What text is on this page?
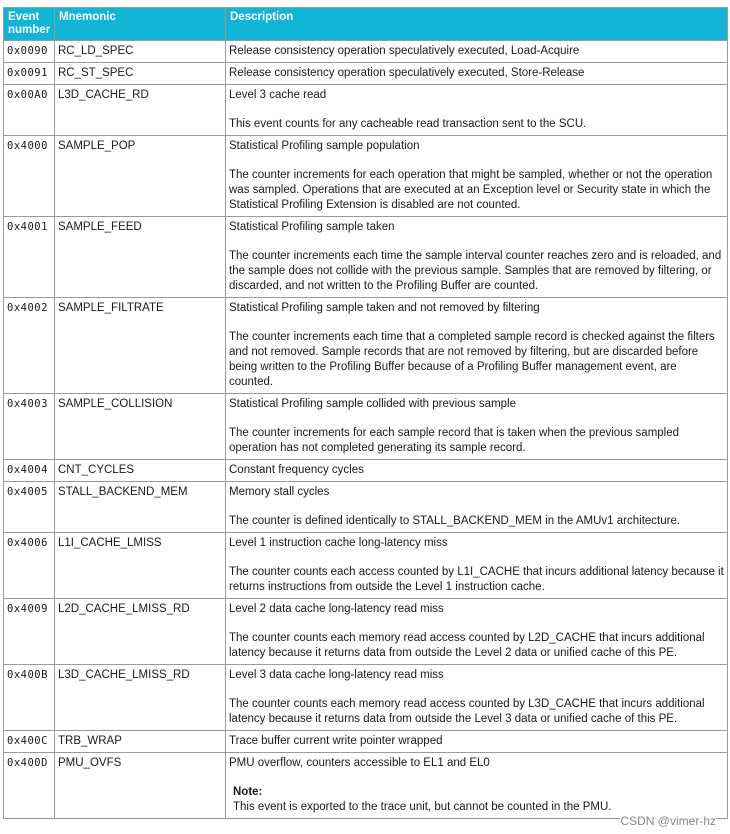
Event number	Mnemonic	Description
0x0090	RC_LD_SPEC	Release consistency operation speculatively executed, Load-Acquire

0x0091	RC_ST_SPEC	Release consistency operation speculatively executed, Store-Release

0x00A0	L3D_CACHE_RD	Level 3 cache read

This event counts for any cacheable read transaction sent to the SCU.

0x4000	SAMPLE_POP	Statistical Profiling sample population

The counter increments for each operation that might be sampled, whether or not the operation was sampled. Operations that are executed at an Exception level or Security state in which the Statistical Profiling Extension is disabled are not counted.

0x4001	SAMPLE_FEED	Statistical Profiling sample taken

The counter increments each time the sample interval counter reaches zero and is reloaded, and the sample does not collide with the previous sample. Samples that are removed by filtering, or discarded, and not written to the Profiling Buffer are counted.

0x4002	SAMPLE_FILTRATE	Statistical Profiling sample taken and not removed by filtering

The counter increments each time that a completed sample record is checked against the filters and not removed. Sample records that are not removed by filtering, but are discarded before being written to the Profiling Buffer because of a Profiling Buffer management event, are counted.

0x4003	SAMPLE_COLLISION	Statistical Profiling sample collided with previous sample

The counter increments for each sample record that is taken when the previous sampled operation has not completed generating its sample record.

0x4004	CNT_CYCLES	Constant frequency cycles

0x4005	STALL_BACKEND_MEM	Memory stall cycles

The counter is defined identically to STALL_BACKEND_MEM in the AMUv1 architecture.

0x4006	L1I_CACHE_LMISS	Level 1 instruction cache long-latency miss

The counter counts each access counted by L1I_CACHE that incurs additional latency because it returns instructions from outside the Level 1 instruction cache.

0x4009	L2D_CACHE_LMISS_RD	Level 2 data cache long-latency read miss

The counter counts each memory read access counted by L2D_CACHE that incurs additional latency because it returns data from outside the Level 2 data or unified cache of this PE.

0x400B	L3D_CACHE_LMISS_RD	Level 3 data cache long-latency read miss

The counter counts each memory read access counted by L3D_CACHE that incurs additional latency because it returns data from outside the Level 3 data or unified cache of this PE.

0x400C	TRB_WRAP	Trace buffer current write pointer wrapped

0x400D	PMU_OVFS	PMU overflow, counters accessible to EL1 and EL0

Note:
This event is exported to the trace unit, but cannot be counted in the PMU.
CSDN @vimer-hz
